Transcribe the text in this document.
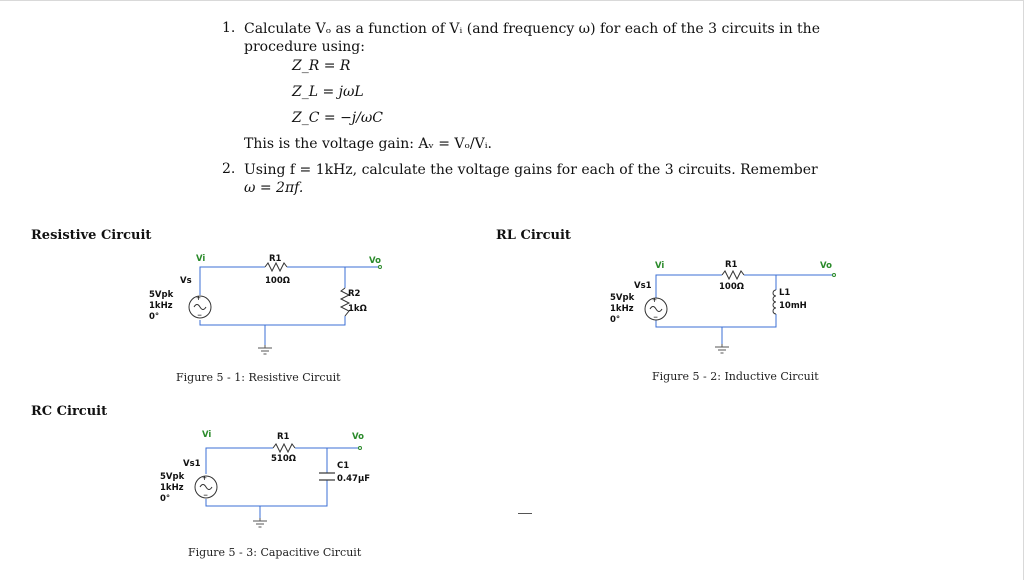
1. Calculate Vₒ as a function of Vᵢ (and frequency ω) for each of the 3 circuits in the
procedure using:
Z_R = R
Z_L = jωL
Z_C = −j/ωC
This is the voltage gain: Aᵥ = Vₒ/Vᵢ.
2. Using f = 1kHz, calculate the voltage gains for each of the 3 circuits. Remember
ω = 2πf.
Resistive Circuit	RL Circuit
RC Circuit
+
−
Vi	Vo
R1
100Ω
R2
1kΩ
Vs
5Vpk
1kHz
0°
Figure 5 - 1: Resistive Circuit
+
−
Vi	Vo
R1
100Ω
L1
10mH
Vs1
5Vpk
1kHz
0°
Figure 5 - 2: Inductive Circuit
+
−
Vi	Vo
R1
510Ω
C1
0.47µF
Vs1
5Vpk
1kHz
0°
Figure 5 - 3: Capacitive Circuit
